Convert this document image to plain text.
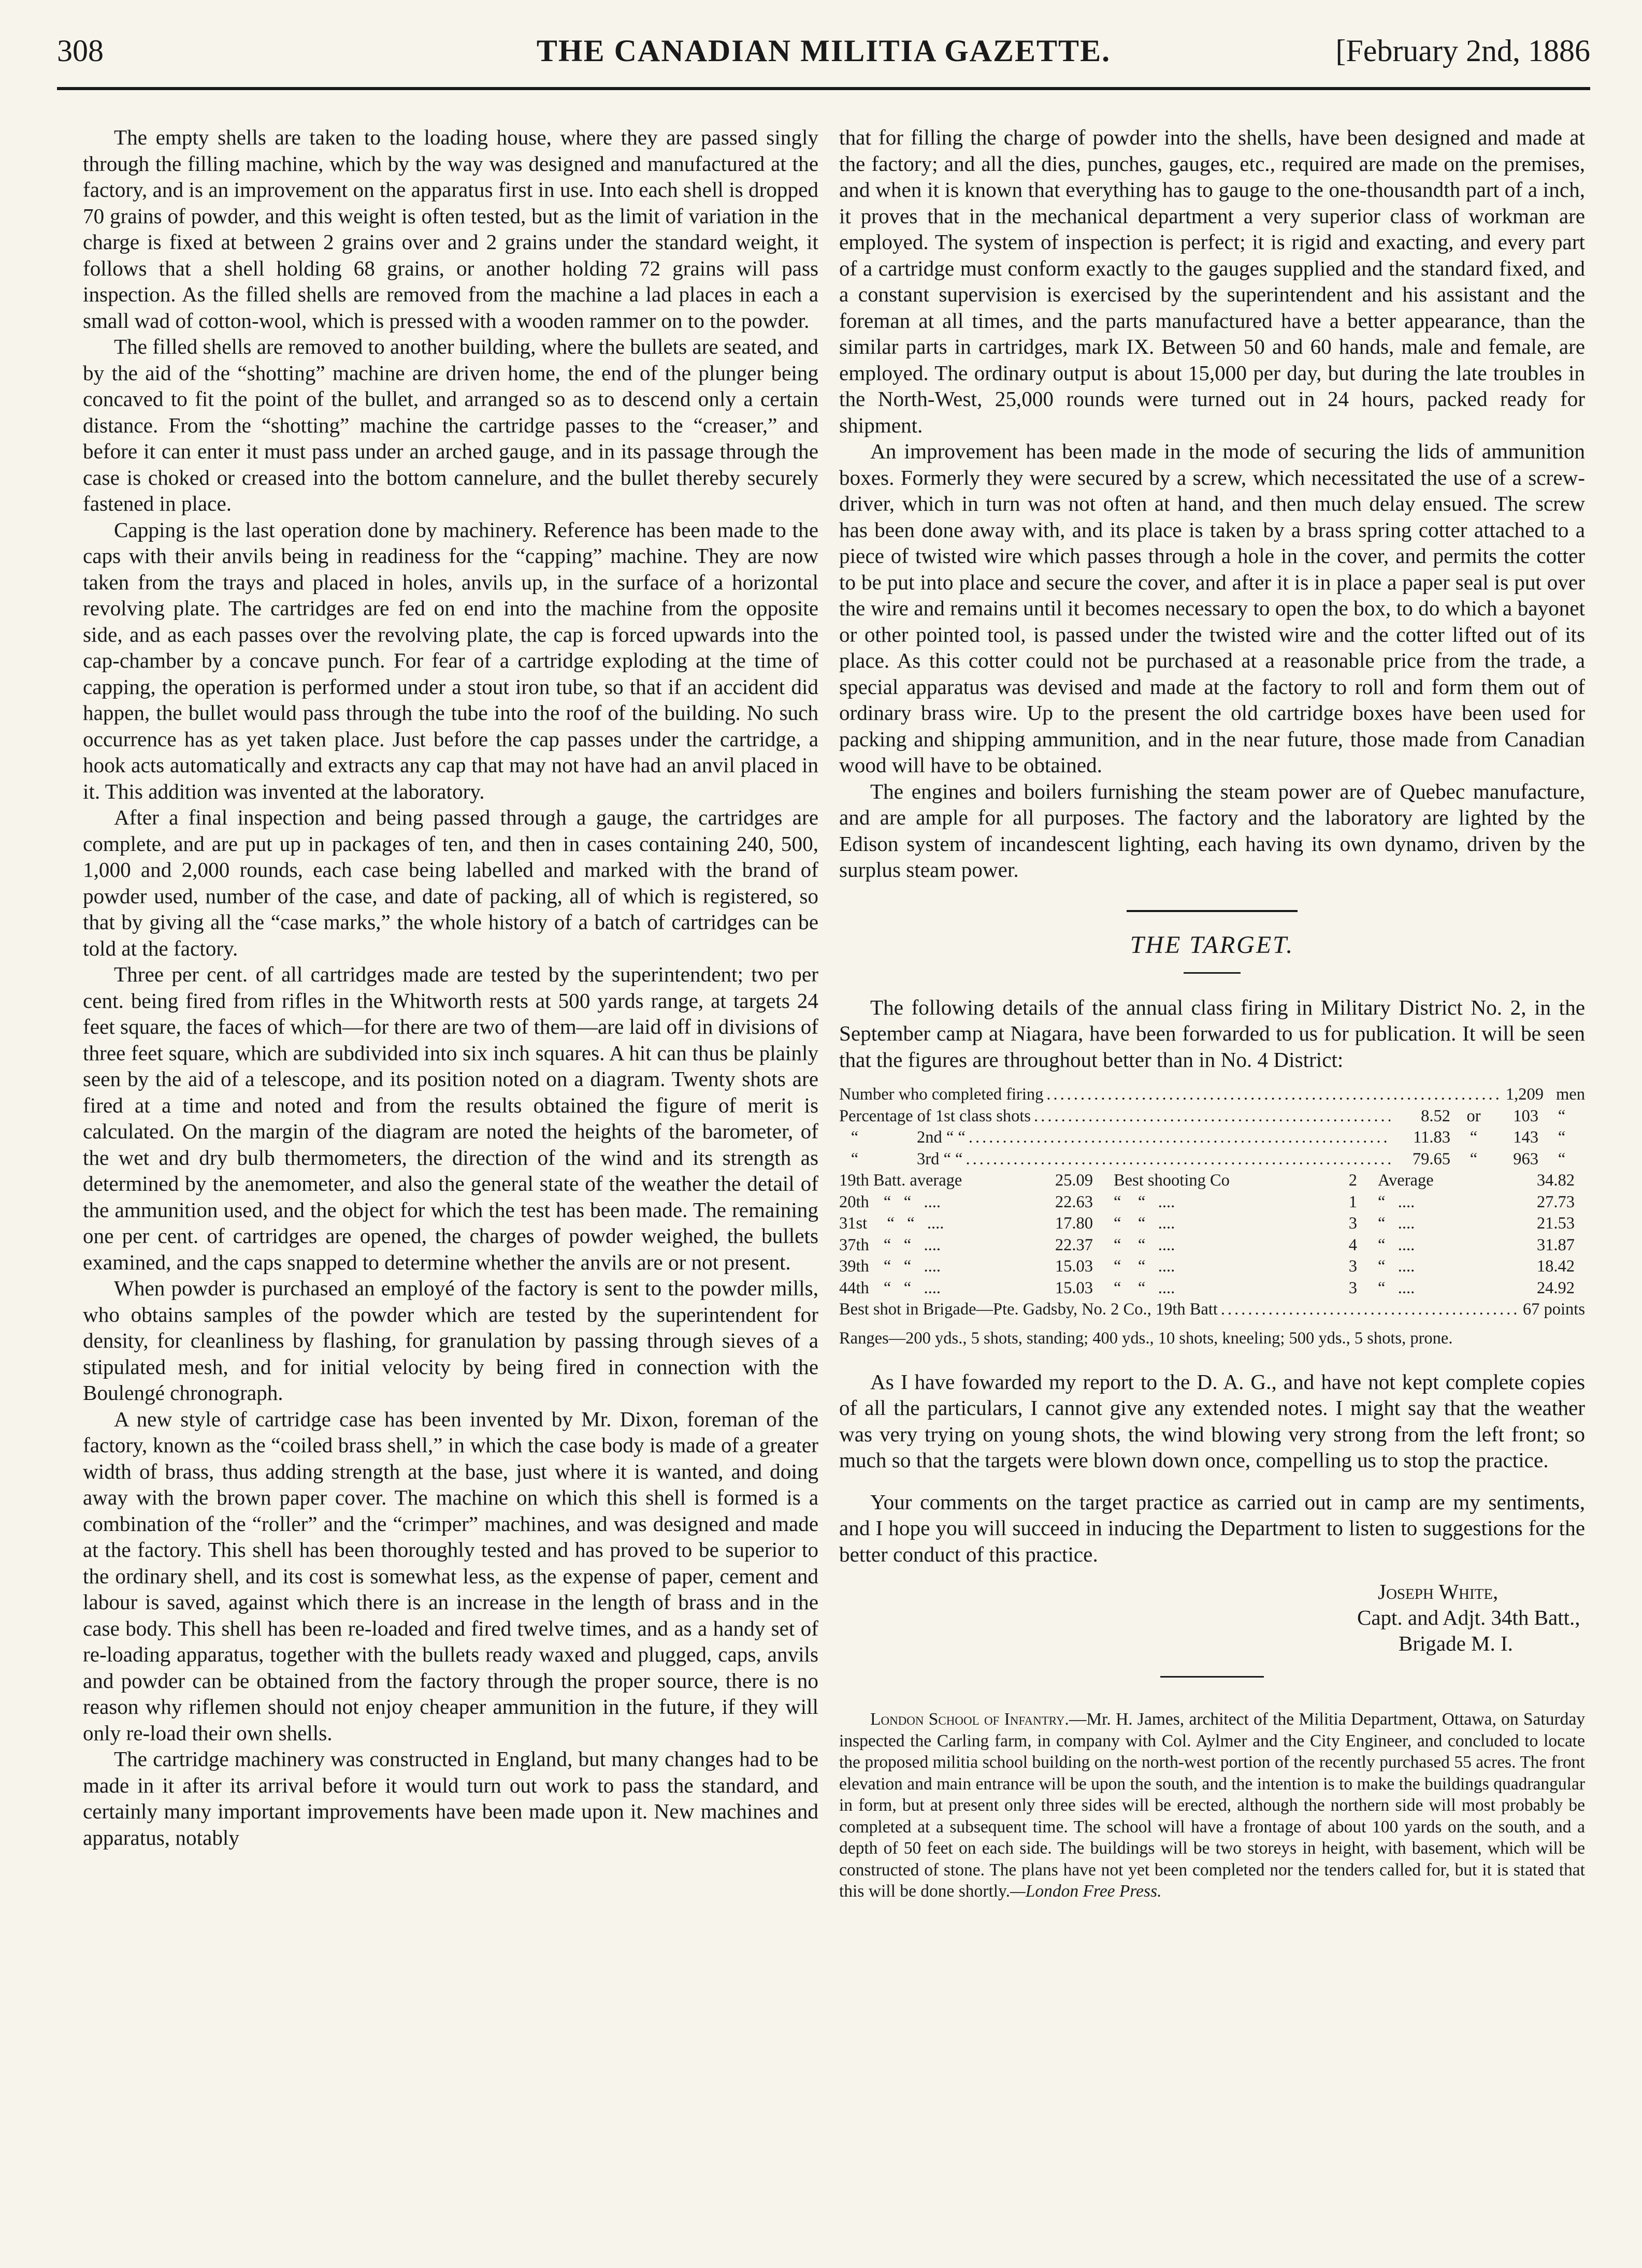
308	THE CANADIAN MILITIA GAZETTE.	[February 2nd, 1886

The empty shells are taken to the loading house, where they are passed singly through the filling machine, which by the way was designed and manufactured at the factory, and is an improvement on the apparatus first in use. Into each shell is dropped 70 grains of powder, and this weight is often tested, but as the limit of variation in the charge is fixed at between 2 grains over and 2 grains under the standard weight, it follows that a shell holding 68 grains, or another holding 72 grains will pass inspection. As the filled shells are removed from the machine a lad places in each a small wad of cotton-wool, which is pressed with a wooden rammer on to the powder.

The filled shells are removed to another building, where the bullets are seated, and by the aid of the “shotting” machine are driven home, the end of the plunger being concaved to fit the point of the bullet, and arranged so as to descend only a certain distance. From the “shotting” machine the cartridge passes to the “creaser,” and before it can enter it must pass under an arched gauge, and in its passage through the case is choked or creased into the bottom cannelure, and the bullet thereby securely fastened in place.

Capping is the last operation done by machinery. Reference has been made to the caps with their anvils being in readiness for the “capping” machine. They are now taken from the trays and placed in holes, anvils up, in the surface of a horizontal revolving plate. The cartridges are fed on end into the machine from the opposite side, and as each passes over the revolving plate, the cap is forced upwards into the cap-chamber by a concave punch. For fear of a cartridge exploding at the time of capping, the operation is performed under a stout iron tube, so that if an accident did happen, the bullet would pass through the tube into the roof of the building. No such occurrence has as yet taken place. Just before the cap passes under the cartridge, a hook acts automatically and extracts any cap that may not have had an anvil placed in it. This addition was invented at the laboratory.

After a final inspection and being passed through a gauge, the cartridges are complete, and are put up in packages of ten, and then in cases containing 240, 500, 1,000 and 2,000 rounds, each case being labelled and marked with the brand of powder used, number of the case, and date of packing, all of which is registered, so that by giving all the “case marks,” the whole history of a batch of cartridges can be told at the factory.

Three per cent. of all cartridges made are tested by the superintendent; two per cent. being fired from rifles in the Whitworth rests at 500 yards range, at targets 24 feet square, the faces of which—for there are two of them—are laid off in divisions of three feet square, which are subdivided into six inch squares. A hit can thus be plainly seen by the aid of a telescope, and its position noted on a diagram. Twenty shots are fired at a time and noted and from the results obtained the figure of merit is calculated. On the margin of the diagram are noted the heights of the barometer, of the wet and dry bulb thermometers, the direction of the wind and its strength as determined by the anemometer, and also the general state of the weather the detail of the ammunition used, and the object for which the test has been made. The remaining one per cent. of cartridges are opened, the charges of powder weighed, the bullets examined, and the caps snapped to determine whether the anvils are or not present.

When powder is purchased an employé of the factory is sent to the powder mills, who obtains samples of the powder which are tested by the superintendent for density, for cleanliness by flashing, for granulation by passing through sieves of a stipulated mesh, and for initial velocity by being fired in connection with the Boulengé chronograph.

A new style of cartridge case has been invented by Mr. Dixon, foreman of the factory, known as the “coiled brass shell,” in which the case body is made of a greater width of brass, thus adding strength at the base, just where it is wanted, and doing away with the brown paper cover. The machine on which this shell is formed is a combination of the “roller” and the “crimper” machines, and was designed and made at the factory. This shell has been thoroughly tested and has proved to be superior to the ordinary shell, and its cost is somewhat less, as the expense of paper, cement and labour is saved, against which there is an increase in the length of brass and in the case body. This shell has been re-loaded and fired twelve times, and as a handy set of re-loading apparatus, together with the bullets ready waxed and plugged, caps, anvils and powder can be obtained from the factory through the proper source, there is no reason why riflemen should not enjoy cheaper ammunition in the future, if they will only re-load their own shells.

The cartridge machinery was constructed in England, but many changes had to be made in it after its arrival before it would turn out work to pass the standard, and certainly many important improvements have been made upon it. New machines and apparatus, notably

that for filling the charge of powder into the shells, have been designed and made at the factory; and all the dies, punches, gauges, etc., required are made on the premises, and when it is known that everything has to gauge to the one-thousandth part of a inch, it proves that in the mechanical department a very superior class of workman are employed. The system of inspection is perfect; it is rigid and exacting, and every part of a cartridge must conform exactly to the gauges supplied and the standard fixed, and a constant supervision is exercised by the superintendent and his assistant and the foreman at all times, and the parts manufactured have a better appearance, than the similar parts in cartridges, mark IX. Between 50 and 60 hands, male and female, are employed. The ordinary output is about 15,000 per day, but during the late troubles in the North-West, 25,000 rounds were turned out in 24 hours, packed ready for shipment.

An improvement has been made in the mode of securing the lids of ammunition boxes. Formerly they were secured by a screw, which necessitated the use of a screw-driver, which in turn was not often at hand, and then much delay ensued. The screw has been done away with, and its place is taken by a brass spring cotter attached to a piece of twisted wire which passes through a hole in the cover, and permits the cotter to be put into place and secure the cover, and after it is in place a paper seal is put over the wire and remains until it becomes necessary to open the box, to do which a bayonet or other pointed tool, is passed under the twisted wire and the cotter lifted out of its place. As this cotter could not be purchased at a reasonable price from the trade, a special apparatus was devised and made at the factory to roll and form them out of ordinary brass wire. Up to the present the old cartridge boxes have been used for packing and shipping ammunition, and in the near future, those made from Canadian wood will have to be obtained.

The engines and boilers furnishing the steam power are of Quebec manufacture, and are ample for all purposes. The factory and the laboratory are lighted by the Edison system of incandescent lighting, each having its own dynamo, driven by the surplus steam power.

THE TARGET.

The following details of the annual class firing in Military District No. 2, in the September camp at Niagara, have been forwarded to us for publication. It will be seen that the figures are throughout better than in No. 4 District:

Number who completed firing .....	1,209 men
Percentage of 1st class shots .....	8.52 or	103	“
“	2nd “ “ .....	11.83	“	143	“
“	3rd “ “ .....	79.65	“	963	“
19th Batt. average	25.09	Best shooting Co	2	Average	34.82
20th “   “   ....	22.63	“    “   ....	1	“   ....	27.73
31st “   “   ....	17.80	“    “   ....	3	“   ....	21.53
37th “   “   ....	22.37	“    “   ....	4	“   ....	31.87
39th “   “   ....	15.03	“    “   ....	3	“   ....	18.42
44th “   “   ....	15.03	“    “   ....	3	“   ....	24.92
Best shot in Brigade—Pte. Gadsby, No. 2 Co., 19th Batt .....	67 points

Ranges—200 yds., 5 shots, standing; 400 yds., 10 shots, kneeling; 500 yds., 5 shots, prone.

As I have fowarded my report to the D. A. G., and have not kept complete copies of all the particulars, I cannot give any extended notes. I might say that the weather was very trying on young shots, the wind blowing very strong from the left front; so much so that the targets were blown down once, compelling us to stop the practice.

Your comments on the target practice as carried out in camp are my sentiments, and I hope you will succeed in inducing the Department to listen to suggestions for the better conduct of this practice.

Joseph White,
Capt. and Adjt. 34th Batt.,
Brigade M. I.

London School of Infantry.—Mr. H. James, architect of the Militia Department, Ottawa, on Saturday inspected the Carling farm, in company with Col. Aylmer and the City Engineer, and concluded to locate the proposed militia school building on the north-west portion of the recently purchased 55 acres. The front elevation and main entrance will be upon the south, and the intention is to make the buildings quadrangular in form, but at present only three sides will be erected, although the northern side will most probably be completed at a subsequent time. The school will have a frontage of about 100 yards on the south, and a depth of 50 feet on each side. The buildings will be two storeys in height, with basement, which will be constructed of stone. The plans have not yet been completed nor the tenders called for, but it is stated that this will be done shortly.—London Free Press.
